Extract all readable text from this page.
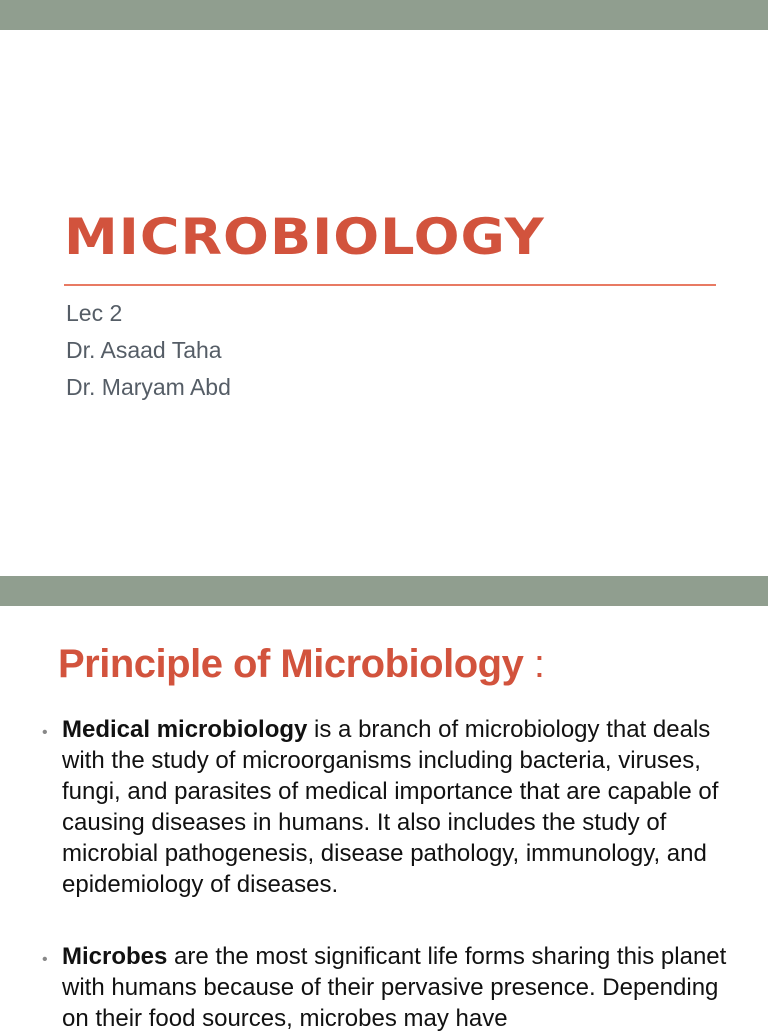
MICROBIOLOGY
Lec 2
Dr. Asaad Taha
Dr. Maryam Abd
Principle of Microbiology :
• Medical microbiology is a branch of microbiology that deals with the study of microorganisms including bacteria, viruses, fungi, and parasites of medical importance that are capable of causing diseases in humans. It also includes the study of microbial pathogenesis, disease pathology, immunology, and epidemiology of diseases.
• Microbes are the most significant life forms sharing this planet with humans because of their pervasive presence. Depending on their food sources, microbes may have
